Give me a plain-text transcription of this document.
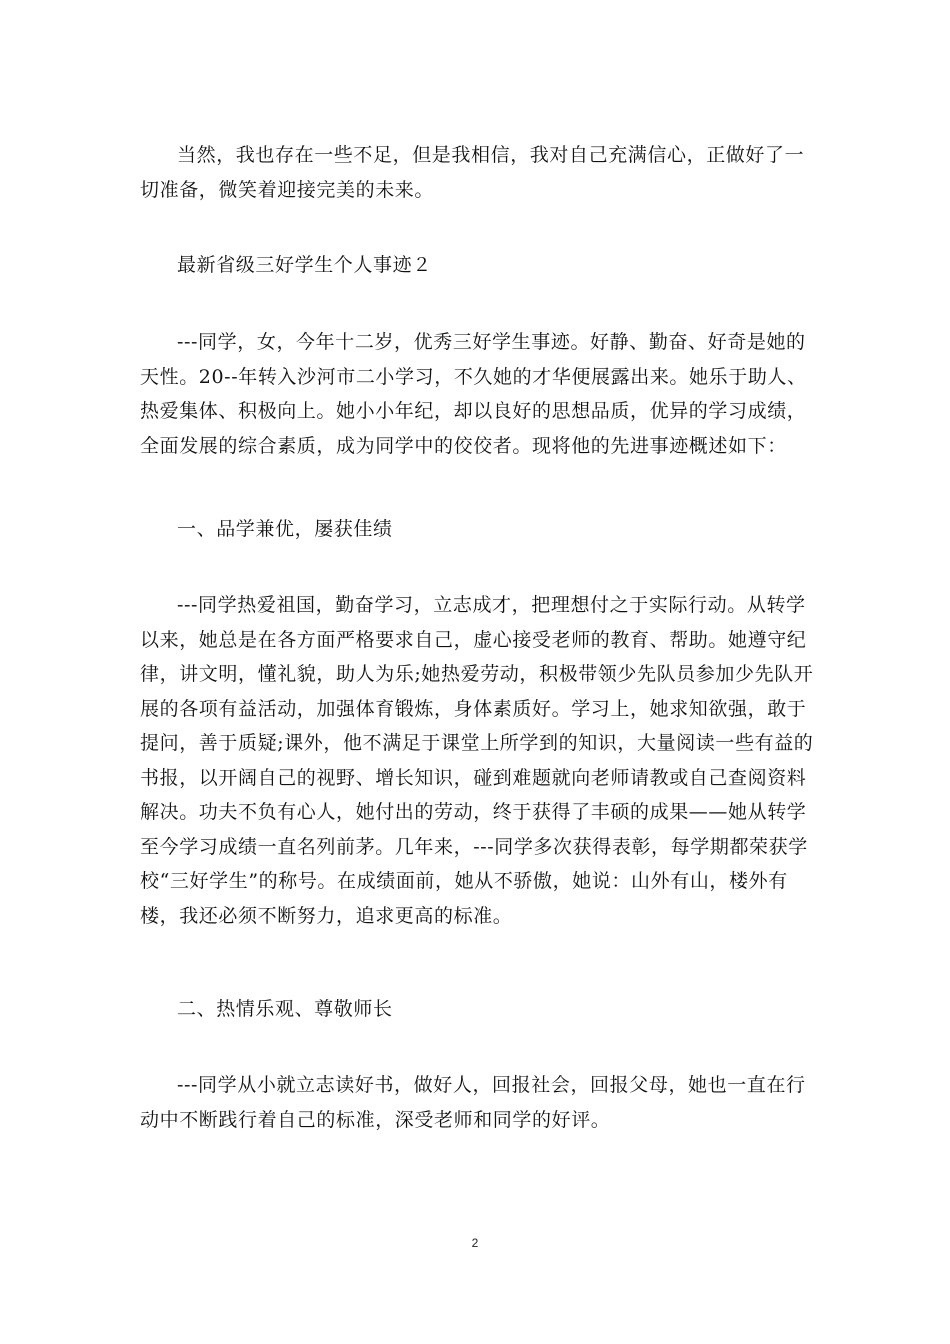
当然，我也存在一些不足，但是我相信，我对自己充满信心，正做好了一切准备，微笑着迎接完美的未来。

最新省级三好学生个人事迹２

---同学，女，今年十二岁，优秀三好学生事迹。好静、勤奋、好奇是她的天性。20--年转入沙河市二小学习，不久她的才华便展露出来。她乐于助人、热爱集体、积极向上。她小小年纪，却以良好的思想品质，优异的学习成绩，全面发展的综合素质，成为同学中的佼佼者。现将他的先进事迹概述如下：

一、品学兼优，屡获佳绩

---同学热爱祖国，勤奋学习，立志成才，把理想付之于实际行动。从转学以来，她总是在各方面严格要求自己，虚心接受老师的教育、帮助。她遵守纪律，讲文明，懂礼貌，助人为乐;她热爱劳动，积极带领少先队员参加少先队开展的各项有益活动，加强体育锻炼，身体素质好。学习上，她求知欲强，敢于提问，善于质疑;课外，他不满足于课堂上所学到的知识，大量阅读一些有益的书报，以开阔自己的视野、增长知识，碰到难题就向老师请教或自己查阅资料解决。功夫不负有心人，她付出的劳动，终于获得了丰硕的成果——她从转学至今学习成绩一直名列前茅。几年来，---同学多次获得表彰，每学期都荣获学校“三好学生”的称号。在成绩面前，她从不骄傲，她说：山外有山，楼外有楼，我还必须不断努力，追求更高的标准。

二、热情乐观、尊敬师长

---同学从小就立志读好书，做好人，回报社会，回报父母，她也一直在行动中不断践行着自己的标准，深受老师和同学的好评。

2
